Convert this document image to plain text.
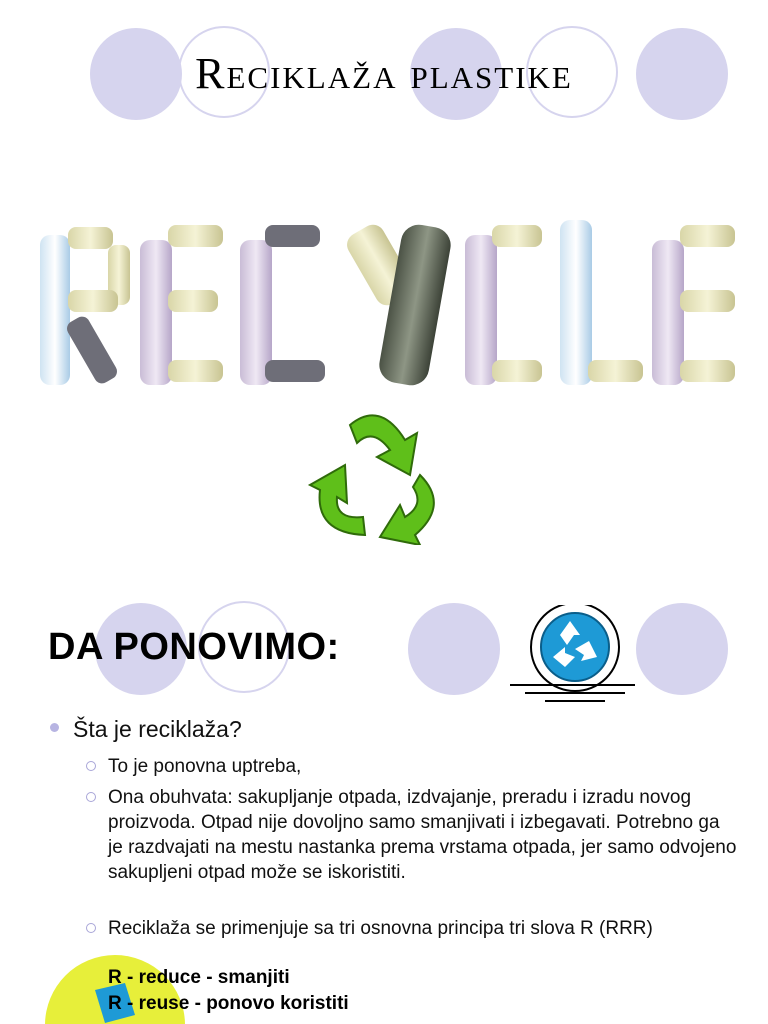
Reciklaža plastike
DA PONOVIMO:
Šta je reciklaža?
To je ponovna uptreba,
Ona obuhvata: sakupljanje otpada, izdvajanje, preradu i izradu novog proizvoda. Otpad nije dovoljno samo smanjivati i izbegavati. Potrebno ga je razdvajati na mestu nastanka prema vrstama otpada, jer samo odvojeno sakupljeni otpad može se iskoristiti.
Reciklaža se primenjuje sa tri osnovna principa tri slova R (RRR)
R - reduce - smanjiti
R - reuse - ponovo koristiti
